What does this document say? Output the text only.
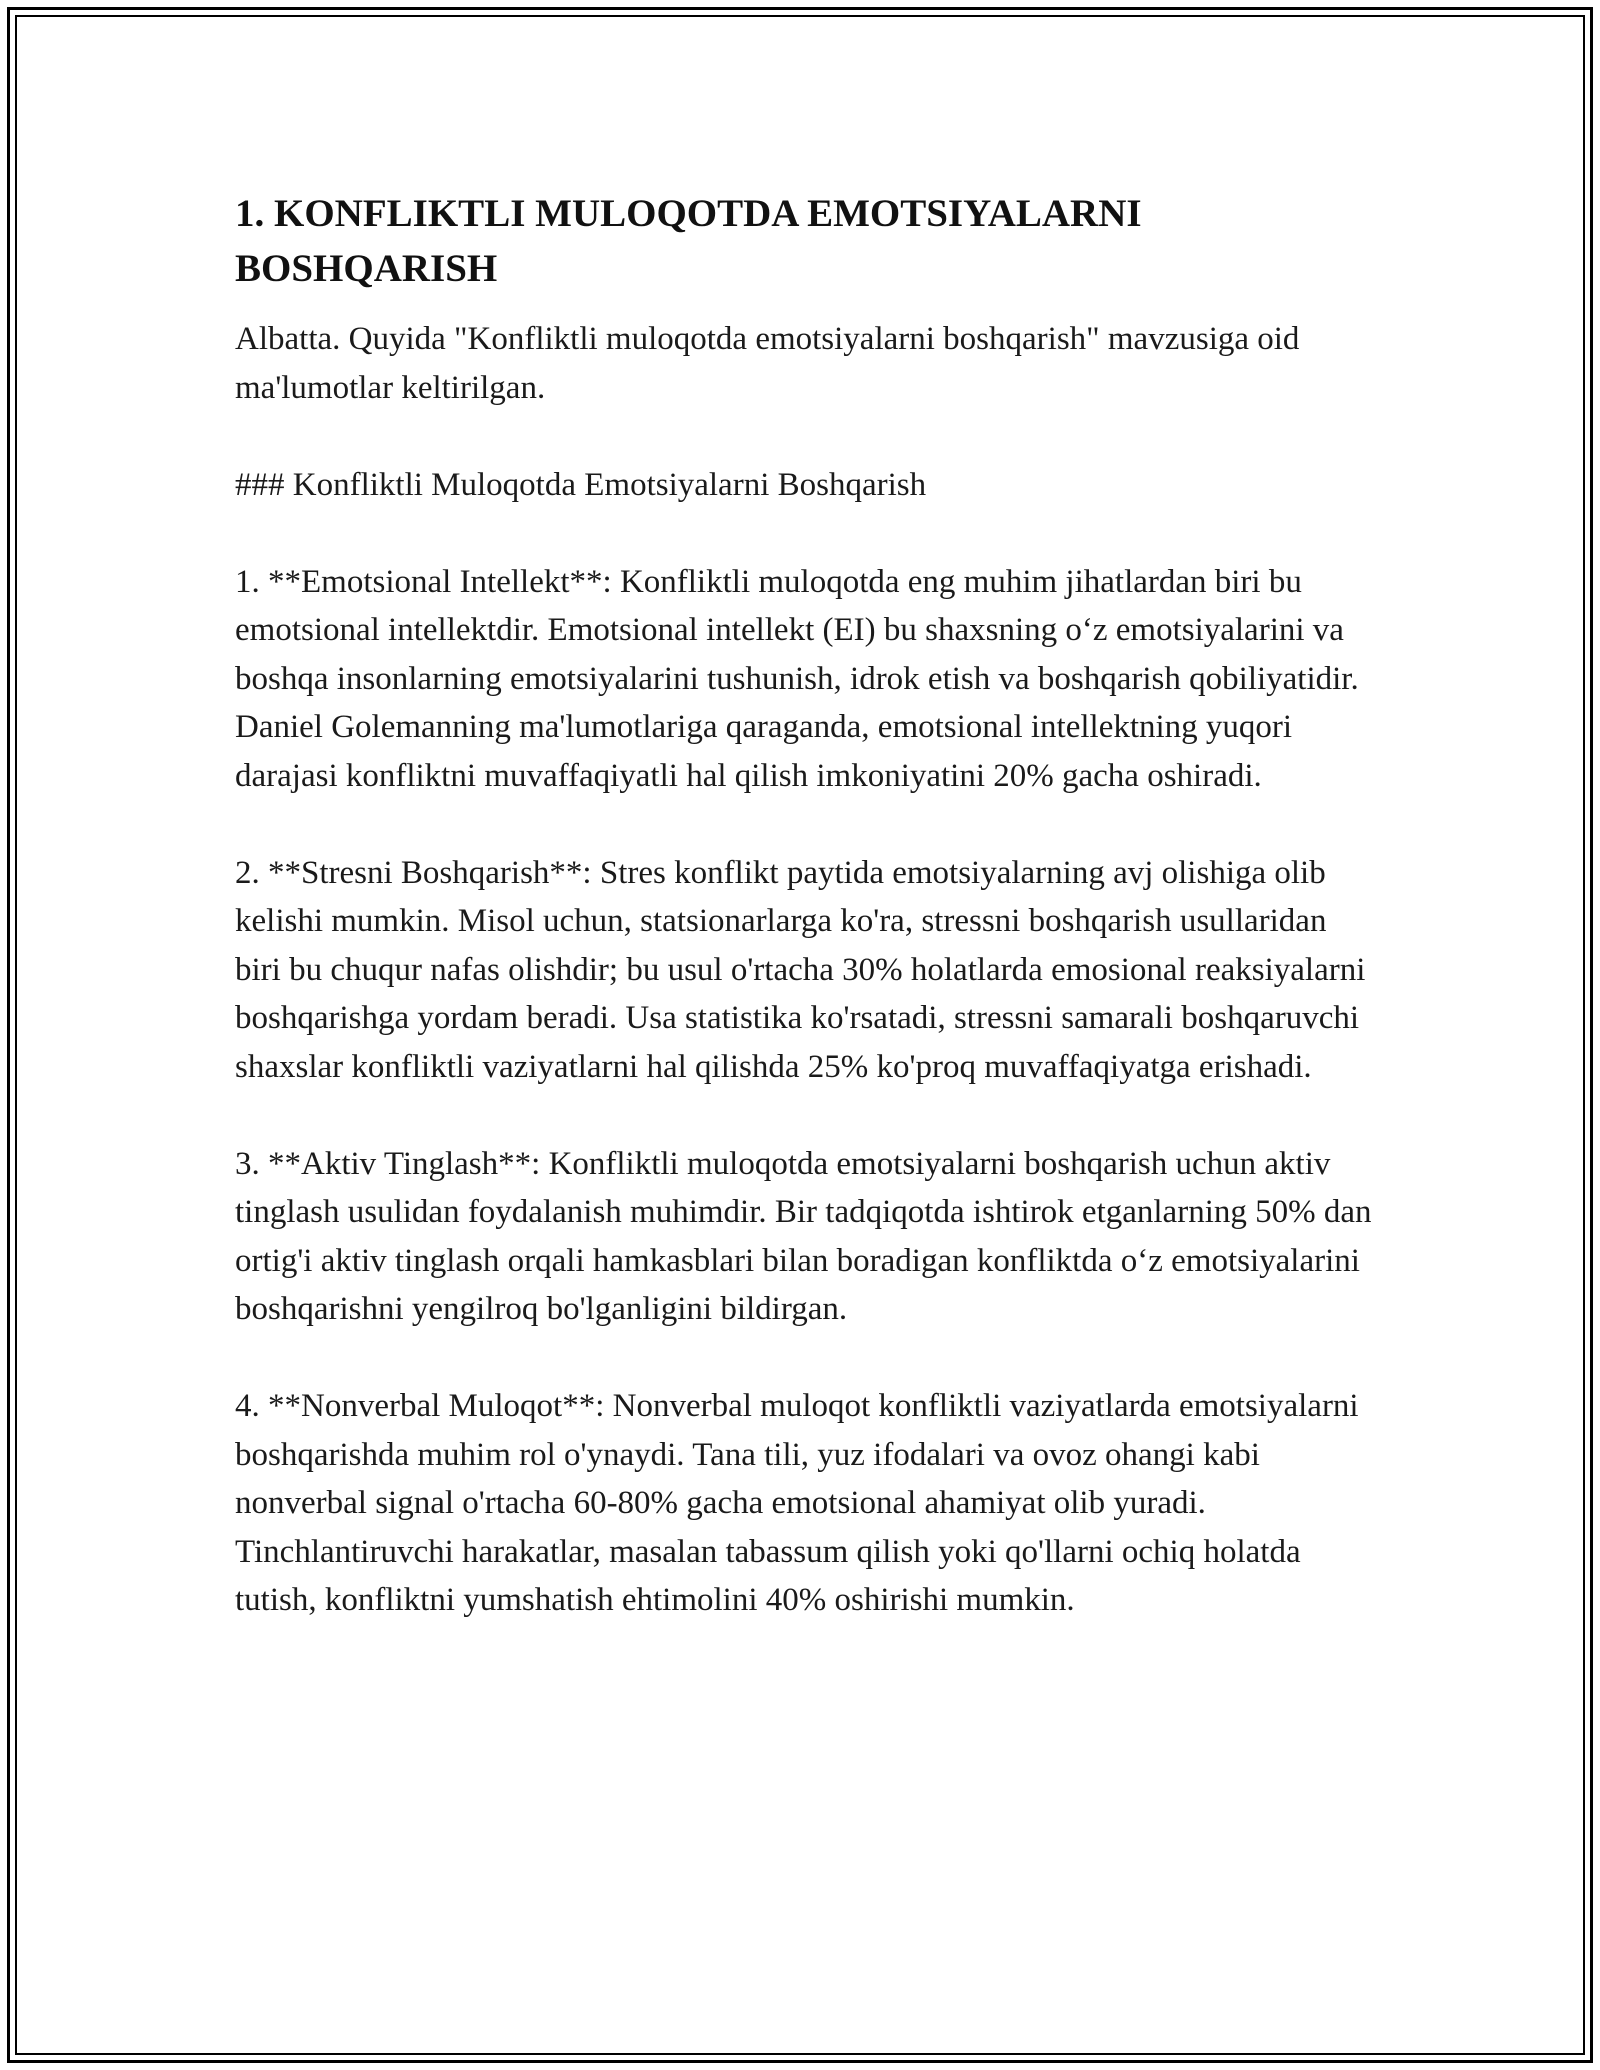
1. KONFLIKTLI MULOQOTDA EMOTSIYALARNI BOSHQARISH

Albatta. Quyida "Konfliktli muloqotda emotsiyalarni boshqarish" mavzusiga oid ma'lumotlar keltirilgan.

### Konfliktli Muloqotda Emotsiyalarni Boshqarish

1. **Emotsional Intellekt**: Konfliktli muloqotda eng muhim jihatlardan biri bu emotsional intellektdir. Emotsional intellekt (EI) bu shaxsning o‘z emotsiyalarini va boshqa insonlarning emotsiyalarini tushunish, idrok etish va boshqarish qobiliyatidir. Daniel Golemanning ma'lumotlariga qaraganda, emotsional intellektning yuqori darajasi konfliktni muvaffaqiyatli hal qilish imkoniyatini 20% gacha oshiradi.

2. **Stresni Boshqarish**: Stres konflikt paytida emotsiyalarning avj olishiga olib kelishi mumkin. Misol uchun, statsionarlarga ko'ra, stressni boshqarish usullaridan biri bu chuqur nafas olishdir; bu usul o'rtacha 30% holatlarda emosional reaksiyalarni boshqarishga yordam beradi. Usa statistika ko'rsatadi, stressni samarali boshqaruvchi shaxslar konfliktli vaziyatlarni hal qilishda 25% ko'proq muvaffaqiyatga erishadi.

3. **Aktiv Tinglash**: Konfliktli muloqotda emotsiyalarni boshqarish uchun aktiv tinglash usulidan foydalanish muhimdir. Bir tadqiqotda ishtirok etganlarning 50% dan ortig'i aktiv tinglash orqali hamkasblari bilan boradigan konfliktda o‘z emotsiyalarini boshqarishni yengilroq bo'lganligini bildirgan.

4. **Nonverbal Muloqot**: Nonverbal muloqot konfliktli vaziyatlarda emotsiyalarni boshqarishda muhim rol o'ynaydi. Tana tili, yuz ifodalari va ovoz ohangi kabi nonverbal signal o'rtacha 60-80% gacha emotsional ahamiyat olib yuradi. Tinchlantiruvchi harakatlar, masalan tabassum qilish yoki qo'llarni ochiq holatda tutish, konfliktni yumshatish ehtimolini 40% oshirishi mumkin.
